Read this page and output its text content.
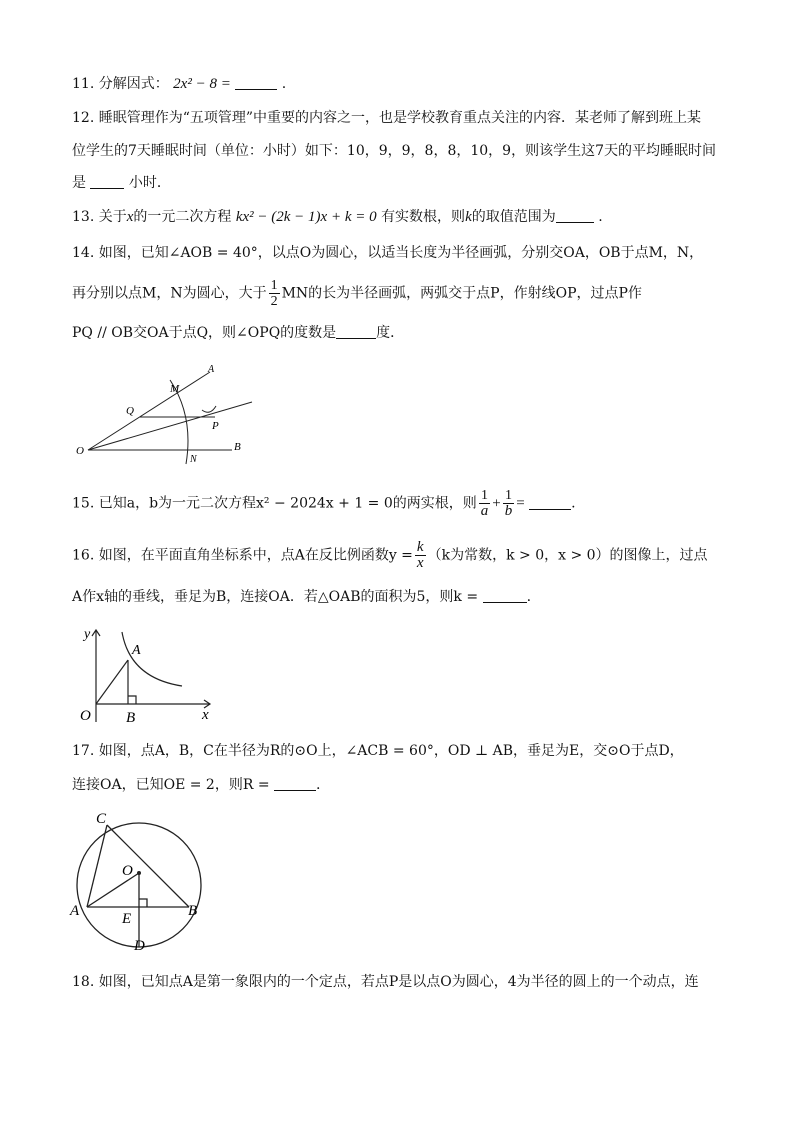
11. 分解因式： 2x² − 8 =	.
12. 睡眠管理作为“五项管理”中重要的内容之一，也是学校教育重点关注的内容．某老师了解到班上某
位学生的7天睡眠时间（单位：小时）如下：10，9，9，8，8，10，9，则该学生这7天的平均睡眠时间
是	小时．
13. 关于x的一元二次方程 kx² − (2k − 1)x + k = 0 有实数根，则k的取值范围为	.
14. 如图，已知∠AOB = 40°，以点O为圆心，以适当长度为半径画弧，分别交OA，OB于点M，N，
再分别以点M，N为圆心，大于 $\frac{1}{2}$ MN的长为半径画弧，两弧交于点P，作射线OP，过点P作
PQ // OB交OA于点Q，则∠OPQ的度数是	度．
A
M
Q
P
O
N
B
15. 已知a，b为一元二次方程x² − 2024x + 1 = 0的两实根，则 $\frac{1}{a} + \frac{1}{b}$ =	.
16. 如图，在平面直角坐标系中，点A在反比例函数$y = \frac{k}{x} (k$为常数，k > 0，x > 0）的图像上，过点
A作x轴的垂线，垂足为B，连接OA．若△OAB的面积为5，则k =	.
y
A
O B	x
17. 如图，点A，B，C在半径为R的⊙O上，∠ACB = 60°，OD ⊥ AB，垂足为E，交⊙O于点D，
连接OA，已知OE = 2，则R =	.
C
O
A	E	B
D
18. 如图，已知点A是第一象限内的一个定点，若点P是以点O为圆心，4为半径的圆上的一个动点，连
